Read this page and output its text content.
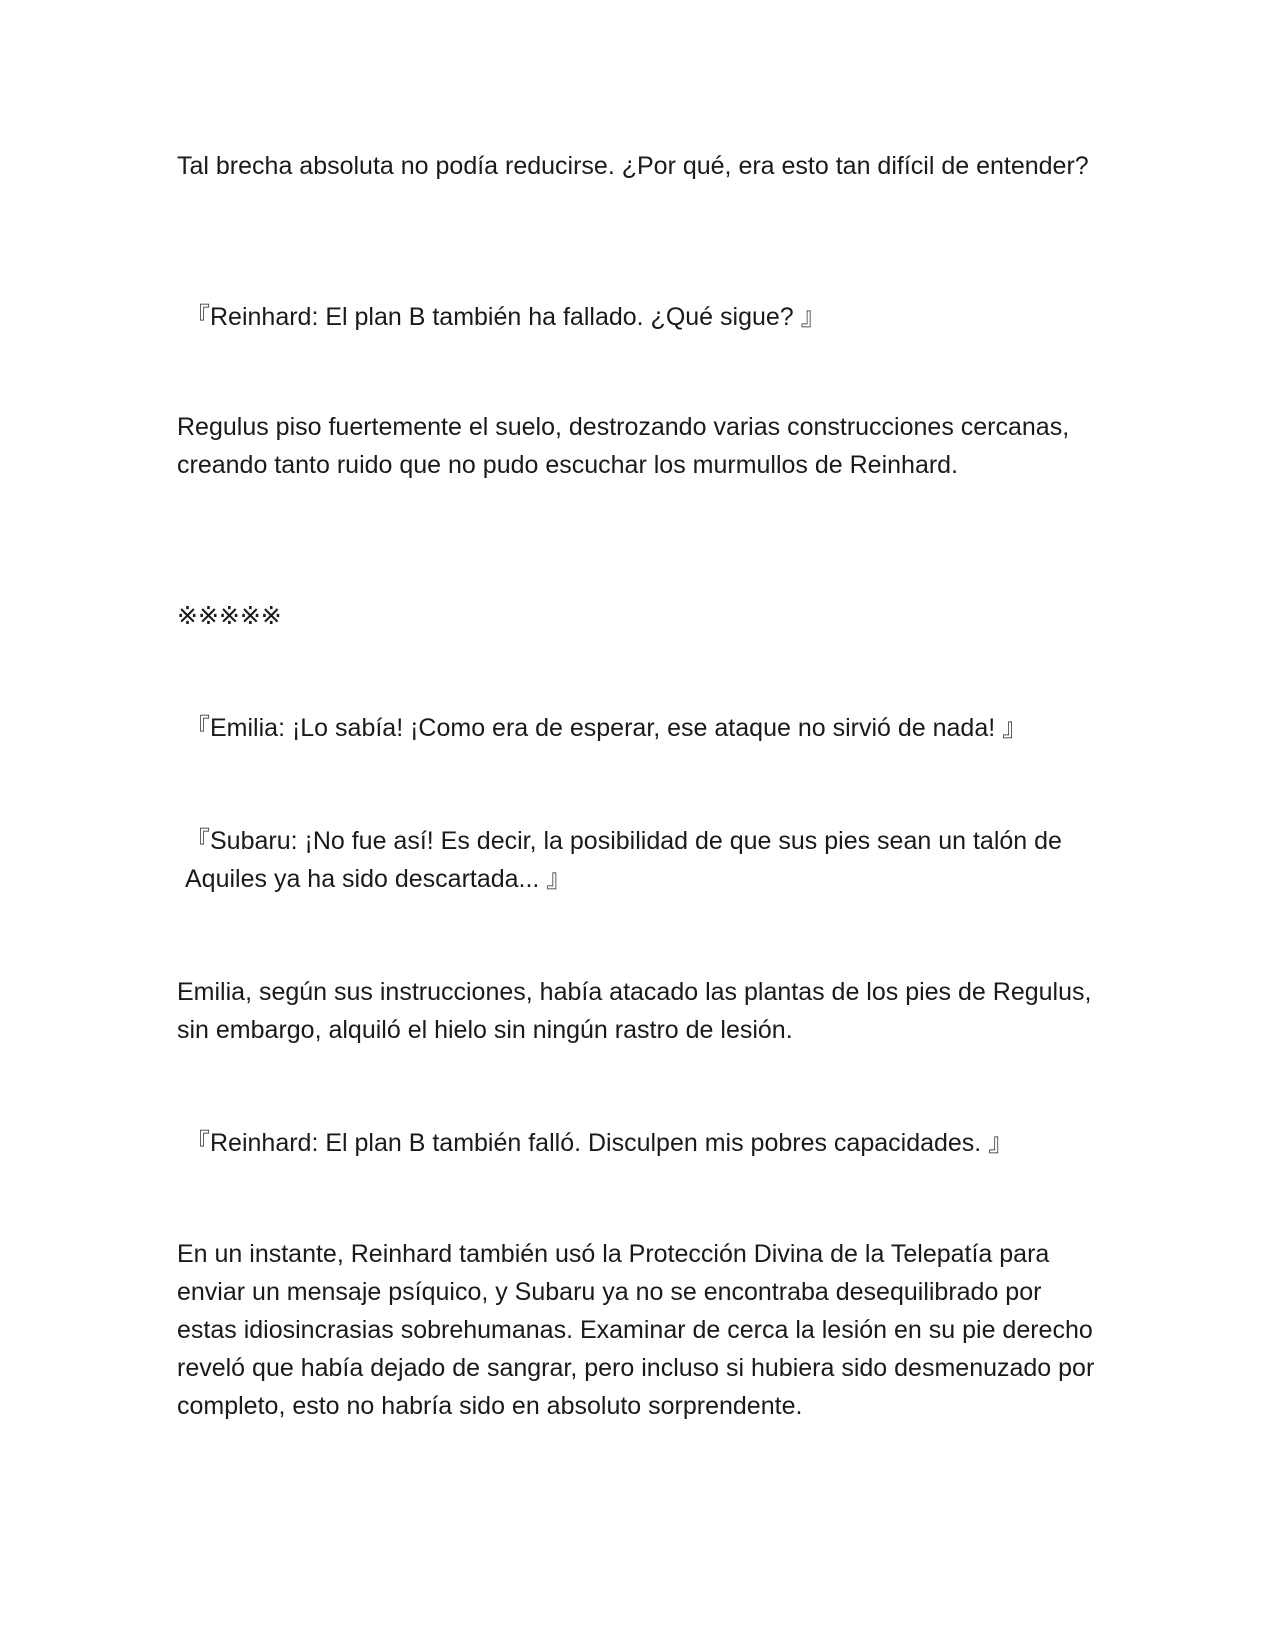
Tal brecha absoluta no podía reducirse. ¿Por qué, era esto tan difícil de entender?

『Reinhard: El plan B también ha fallado. ¿Qué sigue? 』

Regulus piso fuertemente el suelo, destrozando varias construcciones cercanas, creando tanto ruido que no pudo escuchar los murmullos de Reinhard.

※※※※※

『Emilia: ¡Lo sabía! ¡Como era de esperar, ese ataque no sirvió de nada! 』

『Subaru: ¡No fue así! Es decir, la posibilidad de que sus pies sean un talón de Aquiles ya ha sido descartada... 』

Emilia, según sus instrucciones, había atacado las plantas de los pies de Regulus, sin embargo, alquiló el hielo sin ningún rastro de lesión.

『Reinhard: El plan B también falló. Disculpen mis pobres capacidades. 』

En un instante, Reinhard también usó la Protección Divina de la Telepatía para enviar un mensaje psíquico, y Subaru ya no se encontraba desequilibrado por estas idiosincrasias sobrehumanas. Examinar de cerca la lesión en su pie derecho reveló que había dejado de sangrar, pero incluso si hubiera sido desmenuzado por completo, esto no habría sido en absoluto sorprendente.
